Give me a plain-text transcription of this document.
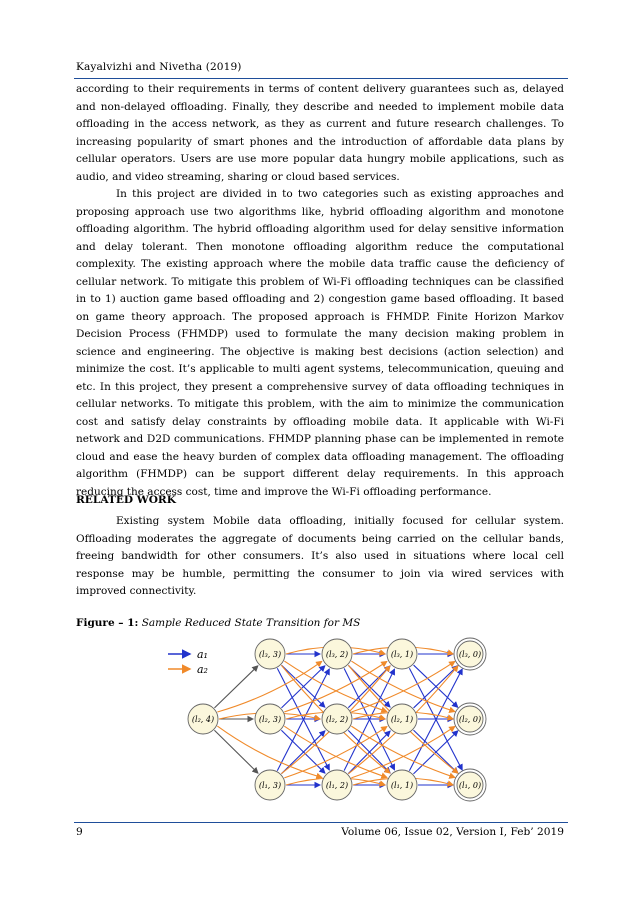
Kayalvizhi and Nivetha (2019)

according to their requirements in terms of content delivery guarantees such as, delayed and non-delayed offloading. Finally, they describe and needed to implement mobile data offloading in the access network, as they as current and future research challenges. To increasing popularity of smart phones and the introduction of affordable data plans by cellular operators. Users are use more popular data hungry mobile applications, such as audio, and video streaming, sharing or cloud based services.

In this project are divided in to two categories such as existing approaches and proposing approach use two algorithms like, hybrid offloading algorithm and monotone offloading algorithm. The hybrid offloading algorithm used for delay sensitive information and delay tolerant. Then monotone offloading algorithm reduce the computational complexity. The existing approach where the mobile data traffic cause the deficiency of cellular network. To mitigate this problem of Wi-Fi offloading techniques can be classified in to 1) auction game based offloading and 2) congestion game based offloading. It based on game theory approach. The proposed approach is FHMDP. Finite Horizon Markov Decision Process (FHMDP) used to formulate the many decision making problem in science and engineering. The objective is making best decisions (action selection) and minimize the cost. It’s applicable to multi agent systems, telecommunication, queuing and etc. In this project, they present a comprehensive survey of data offloading techniques in cellular networks. To mitigate this problem, with the aim to minimize the communication cost and satisfy delay constraints by offloading mobile data. It applicable with Wi-Fi network and D2D communications. FHMDP planning phase can be implemented in remote cloud and ease the heavy burden of complex data offloading management. The offloading algorithm (FHMDP) can be support different delay requirements. In this approach reducing the access cost, time and improve the Wi-Fi offloading performance.

RELATED WORK

Existing system Mobile data offloading, initially focused for cellular system. Offloading moderates the aggregate of documents being carried on the cellular bands, freeing bandwidth for other consumers. It’s also used in situations where local cell response may be humble, permitting the consumer to join via wired services with improved connectivity.

Figure – 1: Sample Reduced State Transition for MS
a₁
a₂
(l₂, 4)
(l₃, 3)	(l₃, 2)	(l₃, 1)	(l₃, 0)
(l₂, 3)	(l₂, 2)	(l₂, 1)	(l₂, 0)
(l₁, 3)	(l₁, 2)	(l₁, 1)	(l₁, 0)
9	Volume 06, Issue 02, Version I, Feb’ 2019
